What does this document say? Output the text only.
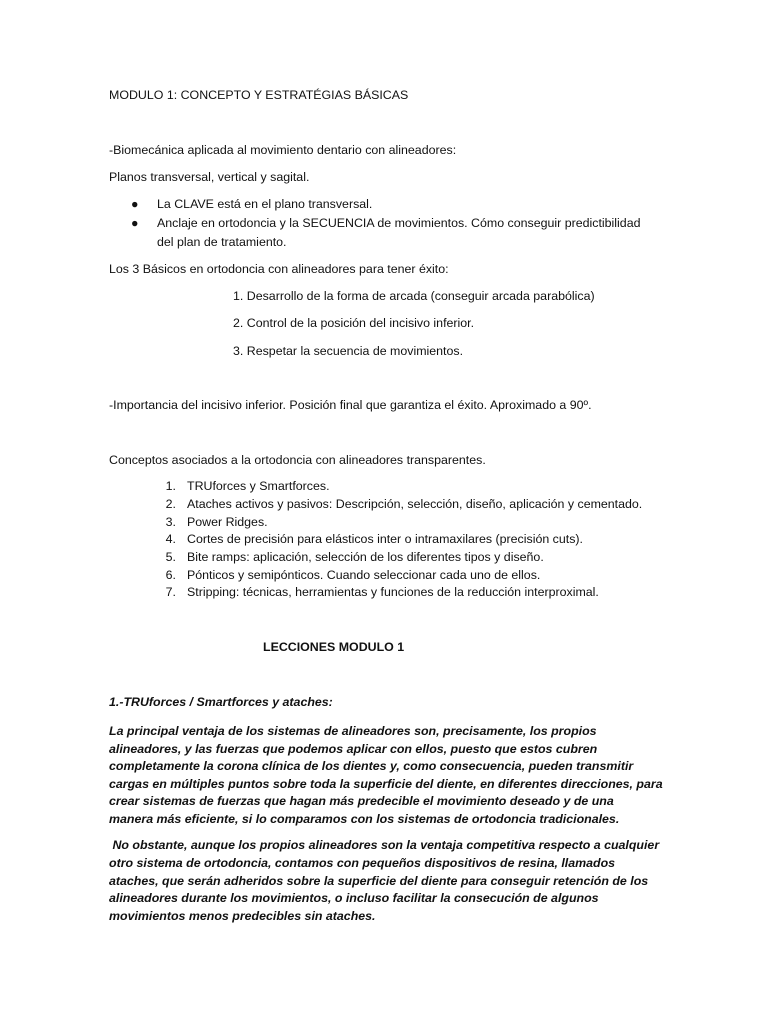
MODULO 1: CONCEPTO Y ESTRATÉGIAS BÁSICAS
-Biomecánica aplicada al movimiento dentario con alineadores:
Planos transversal, vertical y sagital.
● La CLAVE está en el plano transversal.
● Anclaje en ortodoncia y la SECUENCIA de movimientos. Cómo conseguir predictibilidad
del plan de tratamiento.
Los 3 Básicos en ortodoncia con alineadores para tener éxito:
1. Desarrollo de la forma de arcada (conseguir arcada parabólica)
2. Control de la posición del incisivo inferior.
3. Respetar la secuencia de movimientos.
-Importancia del incisivo inferior. Posición final que garantiza el éxito. Aproximado a 90º.
Conceptos asociados a la ortodoncia con alineadores transparentes.
1. TRUforces y Smartforces.
2. Ataches activos y pasivos: Descripción, selección, diseño, aplicación y cementado.
3. Power Ridges.
4. Cortes de precisión para elásticos inter o intramaxilares (precisión cuts).
5. Bite ramps: aplicación, selección de los diferentes tipos y diseño.
6. Pónticos y semipónticos. Cuando seleccionar cada uno de ellos.
7. Stripping: técnicas, herramientas y funciones de la reducción interproximal.
LECCIONES MODULO 1
1.-TRUforces / Smartforces y ataches:
La principal ventaja de los sistemas de alineadores son, precisamente, los propios
alineadores, y las fuerzas que podemos aplicar con ellos, puesto que estos cubren
completamente la corona clínica de los dientes y, como consecuencia, pueden transmitir
cargas en múltiples puntos sobre toda la superficie del diente, en diferentes direcciones, para
crear sistemas de fuerzas que hagan más predecible el movimiento deseado y de una
manera más eficiente, si lo comparamos con los sistemas de ortodoncia tradicionales.
No obstante, aunque los propios alineadores son la ventaja competitiva respecto a cualquier
otro sistema de ortodoncia, contamos con pequeños dispositivos de resina, llamados
ataches, que serán adheridos sobre la superficie del diente para conseguir retención de los
alineadores durante los movimientos, o incluso facilitar la consecución de algunos
movimientos menos predecibles sin ataches.
